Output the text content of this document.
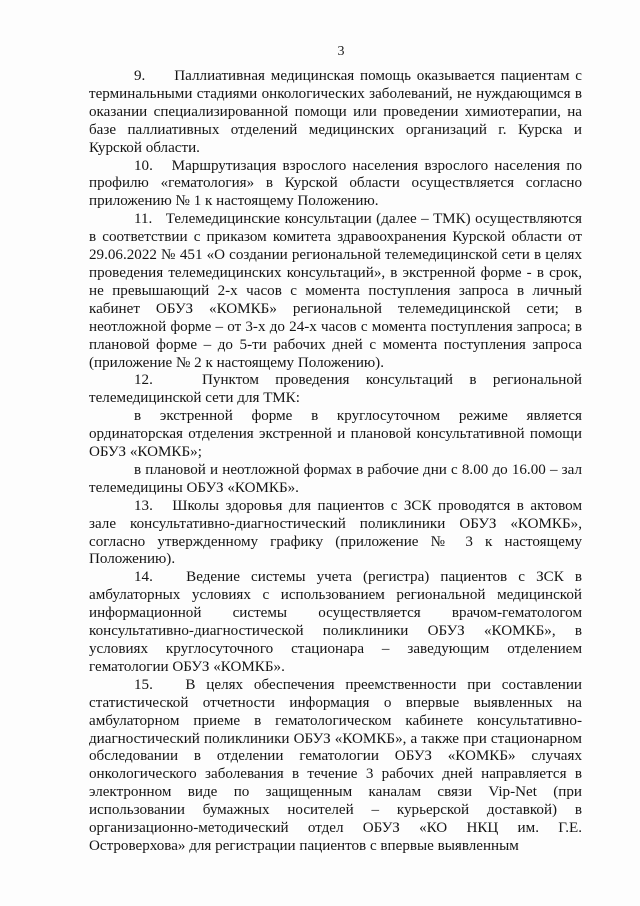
3

9.     Паллиативная медицинская помощь оказывается пациентам с терминальными стадиями онкологических заболеваний, не нуждающимся в оказании специализированной помощи или проведении химиотерапии, на базе паллиативных отделений медицинских организаций г. Курска и Курской области.

10.   Маршрутизация взрослого населения взрослого населения по профилю «гематология» в Курской области осуществляется согласно приложению № 1 к настоящему Положению.

11.   Телемедицинские консультации (далее – ТМК) осуществляются в соответствии с приказом комитета здравоохранения Курской области от 29.06.2022 № 451 «О создании региональной телемедицинской сети в целях проведения телемедицинских консультаций», в экстренной форме - в срок, не превышающий 2-х часов с момента поступления запроса в личный кабинет ОБУЗ «КОМКБ» региональной телемедицинской сети; в неотложной форме – от 3-х до 24-х часов с момента поступления запроса; в плановой форме – до 5-ти рабочих дней с момента поступления запроса (приложение № 2 к настоящему Положению).

12.   Пунктом проведения консультаций в региональной телемедицинской сети для ТМК:

в экстренной форме в круглосуточном режиме является ординаторская отделения экстренной и плановой консультативной помощи ОБУЗ «КОМКБ»;

в плановой и неотложной формах в рабочие дни с 8.00 до 16.00 – зал телемедицины ОБУЗ «КОМКБ».

13.   Школы здоровья для пациентов с ЗСК проводятся в актовом зале консультативно-диагностический поликлиники ОБУЗ «КОМКБ», согласно утвержденному графику (приложение № 3 к настоящему Положению).

14.   Ведение системы учета (регистра) пациентов с ЗСК в амбулаторных условиях с использованием региональной медицинской информационной системы осуществляется врачом-гематологом консультативно-диагностической поликлиники ОБУЗ «КОМКБ», в условиях круглосуточного стационара – заведующим отделением гематологии ОБУЗ «КОМКБ».

15.   В целях обеспечения преемственности при составлении статистической отчетности информация о впервые выявленных на амбулаторном приеме в гематологическом кабинете консультативно-диагностический поликлиники ОБУЗ «КОМКБ», а также при стационарном обследовании в отделении гематологии ОБУЗ «КОМКБ» случаях онкологического заболевания в течение 3 рабочих дней направляется в электронном виде по защищенным каналам связи Vip-Net (при использовании бумажных носителей – курьерской доставкой) в организационно-методический отдел ОБУЗ «КО НКЦ им. Г.Е. Островерхова» для регистрации пациентов с впервые выявленным
